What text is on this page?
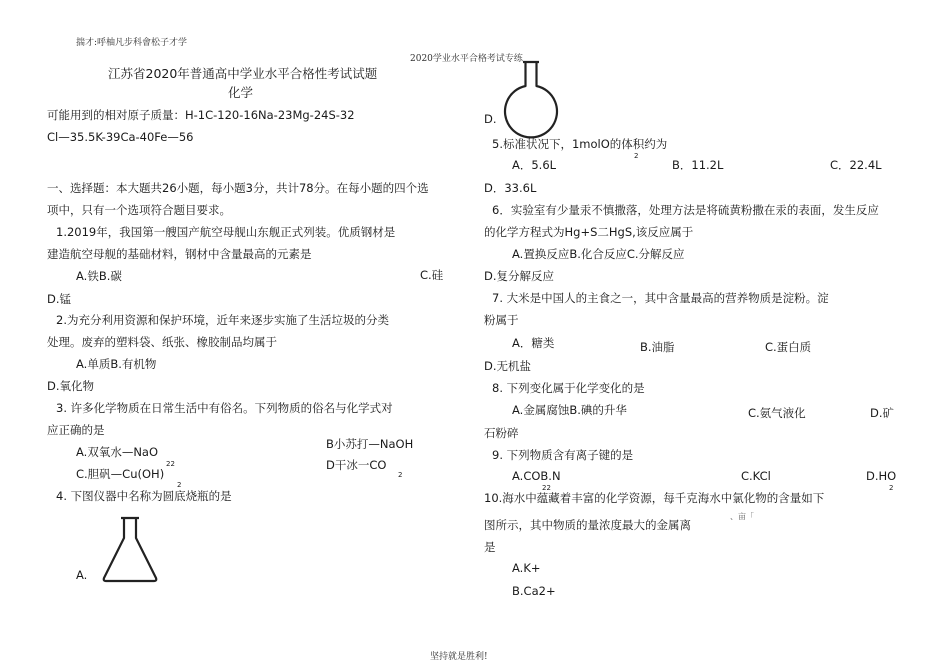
揣才:呼柚凡步科會松子才学
2020学业水平合格考试专练
坚持就是胜利!
江苏省2020年普通高中学业水平合格性考试试题
化学
可能用到的相对原子质量：H-1C-120-16Na-23Mg-24S-32
Cl—35.5K-39Ca-40Fe—56
一、选择题：本大题共26小题，每小题3分，共计78分。在每小题的四个选
项中，只有一个选项符合题目要求。
1.2019年，我国第一艘国产航空母舰山东舰正式列装。优质钢材是
建造航空母舰的基础材料，钢材中含量最高的元素是
A.铁B.碳	C.硅
D.锰
2.为充分利用资源和保护环境，近年来逐步实施了生活垃圾的分类
处理。废弃的塑料袋、纸张、橡胶制品均属于
A.单质B.有机物
D.氧化物
3. 许多化学物质在日常生活中有俗名。下列物质的俗名与化学式对
应正确的是
B小苏打—NaOH
A.双氧水—NaO
22	D干冰一CO
2
C.胆矾—Cu(OH)
2
4. 下图仪器中名称为圆底烧瓶的是
A.
D.
5.标准状况下，1molO的体积约为
2
A．5.6L	B．11.2L	C．22.4L
D．33.6L
6．实验室有少量汞不慎撒落，处理方法是将硫黄粉撒在汞的表面，发生反应
的化学方程式为Hg+S二HgS,该反应属于
A.置换反应B.化合反应C.分解反应
D.复分解反应
7. 大米是中国人的主食之一，其中含量最高的营养物质是淀粉。淀
粉属于
A．糖类	B.油脂	C.蛋白质
D.无机盐
8. 下列变化属于化学变化的是
A.金属腐蚀B.碘的升华	C.氨气液化	D.矿
石粉碎
9. 下列物质含有离子键的是
A.COB.N
22
C.KCl	D.HO
2
10.海水中蕴藏着丰富的化学资源，每千克海水中氯化物的含量如下
、亩「
图所示，其中物质的量浓度最大的金属离
是
A.K+
B.Ca2+
